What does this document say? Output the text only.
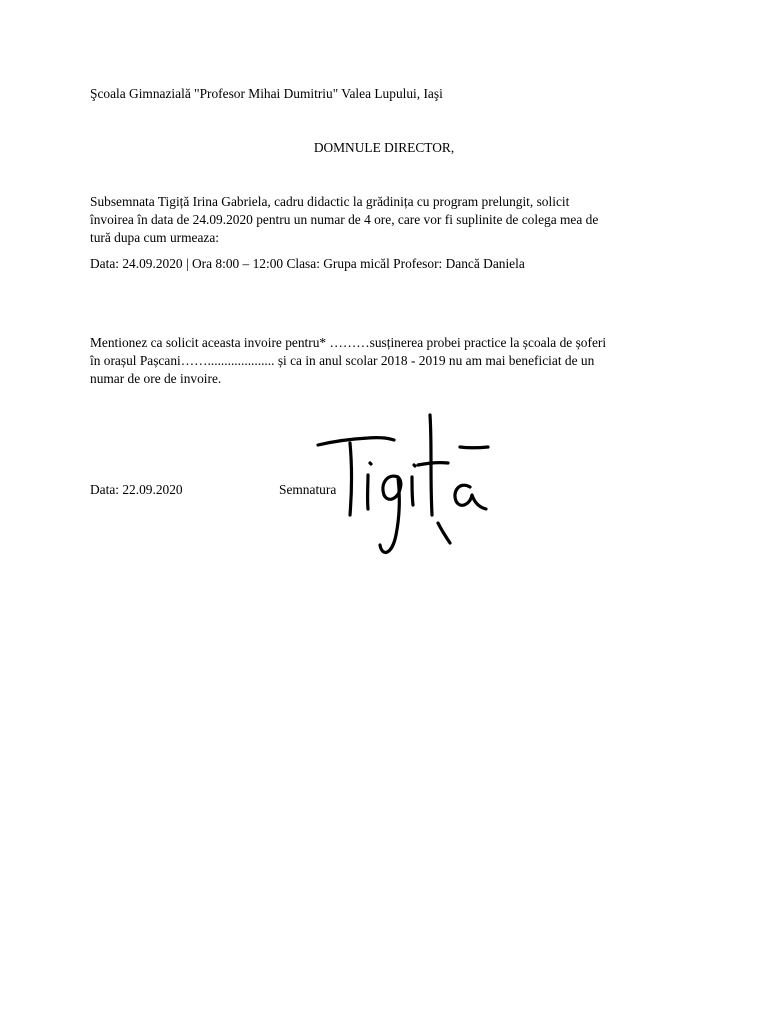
Şcoala Gimnazială "Profesor Mihai Dumitriu" Valea Lupului, Iaşi
DOMNULE DIRECTOR,
Subsemnata Tigiță Irina Gabriela, cadru didactic la grădinița cu program prelungit, solicit
învoirea în data de 24.09.2020 pentru un numar de 4 ore, care vor fi suplinite de colega mea de
tură dupa cum urmeaza:
Data: 24.09.2020 | Ora 8:00 – 12:00 Clasa: Grupa micăl Profesor: Dancă Daniela
Mentionez ca solicit aceasta invoire pentru* ………susținerea probei practice la școala de șoferi
în orașul Pașcani…….................... și ca in anul scolar 2018 - 2019 nu am mai beneficiat de un
numar de ore de invoire.
Data: 22.09.2020	Semnatura
